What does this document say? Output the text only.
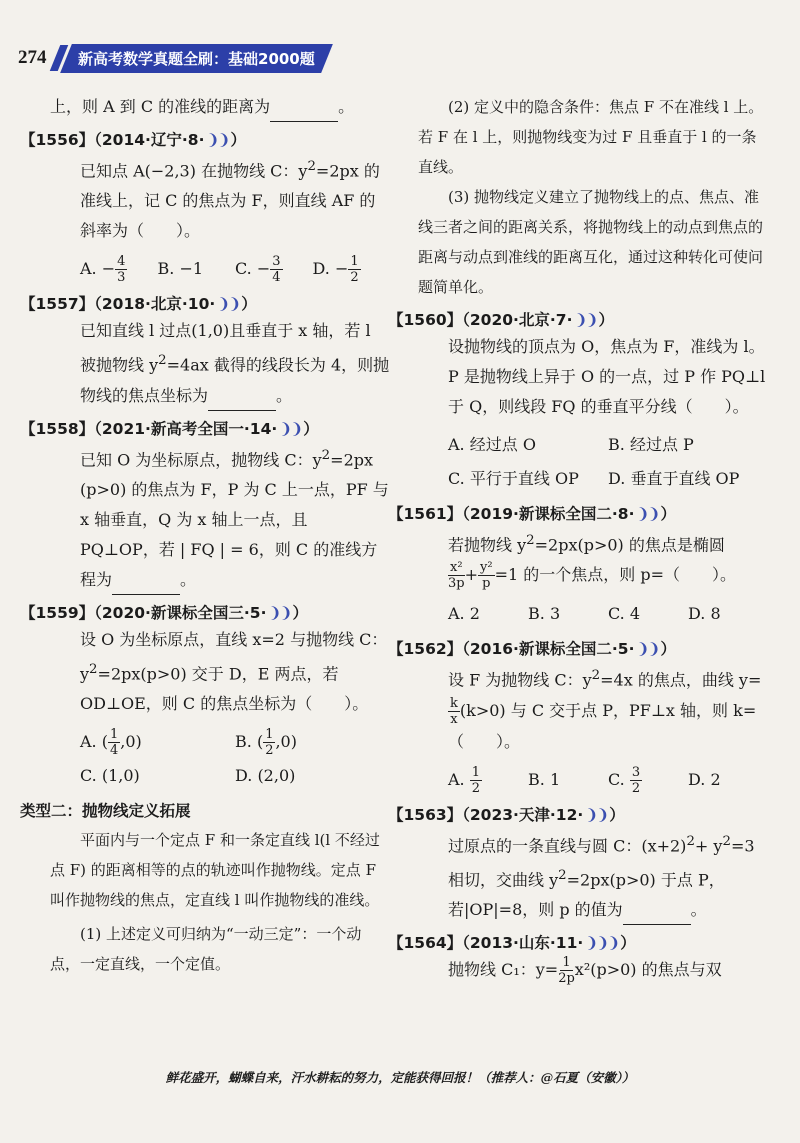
274	新高考数学真题全刷：基础2000题

上，则 A 到 C 的准线的距离为	。

【1556】（2014·辽宁·8· ❩❩ ）

已知点 A(−2,3) 在抛物线 C：$y^2=2px$ 的准线上，记 C 的焦点为 F，则直线 AF 的斜率为（　　）。

A. − $\frac{4}{3} B$. −1	C. − $\frac{3}{4} D$. − $\frac{1}{2}$
【1557】（2018·北京·10· ❩❩ ）

已知直线 l 过点(1,0)且垂直于 x 轴，若 l 被抛物线 $y^2=4ax$ 截得的线段长为 4，则抛物线的焦点坐标为	。

【1558】（2021·新高考全国一·14· ❩❩ ）

已知 O 为坐标原点，抛物线 C：$y^2=2px$ (p>0) 的焦点为 F，P 为 C 上一点，PF 与 x 轴垂直，Q 为 x 轴上一点，且 PQ⊥OP，若 | FQ | = 6，则 C 的准线方程为	。

【1559】（2020·新课标全国三·5· ❩❩ ）

设 O 为坐标原点，直线 x=2 与抛物线 C：$y^2=2px(p>0)$ 交于 D，E 两点，若 OD⊥OE，则 C 的焦点坐标为（　　）。

A. ( $\frac{1}{4} ,0$)	B. ( $\frac{1}{2} ,0$)
C. (1,0)	D. (2,0)
类型二：抛物线定义拓展

平面内与一个定点 F 和一条定直线 l(l 不经过点 F) 的距离相等的点的轨迹叫作抛物线。定点 F 叫作抛物线的焦点，定直线 l 叫作抛物线的准线。

(1) 上述定义可归纳为“一动三定”：一个动点，一定直线，一个定值。

(2) 定义中的隐含条件：焦点 F 不在准线 l 上。若 F 在 l 上，则抛物线变为过 F 且垂直于 l 的一条直线。

(3) 抛物线定义建立了抛物线上的点、焦点、准线三者之间的距离关系，将抛物线上的动点到焦点的距离与动点到准线的距离互化，通过这种转化可使问题简单化。

【1560】（2020·北京·7· ❩❩ ）

设抛物线的顶点为 O，焦点为 F，准线为 l。P 是抛物线上异于 O 的一点，过 P 作 PQ⊥l 于 Q，则线段 FQ 的垂直平分线（　　）。

A. 经过点 O	B. 经过点 P
C. 平行于直线 OP	D. 垂直于直线 OP
【1561】（2019·新课标全国二·8· ❩❩ ）

若抛物线 $y^2=2px(p>0)$ 的焦点是椭圆

$\frac{\text{x²}}{3p} + \frac{\text{y²}}{p} =1$ 的一个焦点，则 p=（　　）。

A. 2	B. 3	C. 4	D. 8
【1562】（2016·新课标全国二·5· ❩❩ ）

设 F 为抛物线 C：$y^2=4x$ 的焦点，曲线 y=
$\frac{k}{x} (k>0)$ 与 C 交于点 P，PF⊥x 轴，则 k=（　　）。

A. $\frac{1}{2}$	B. 1	C. $\frac{3}{2}$	D. 2
【1563】（2023·天津·12· ❩❩ ）

过原点的一条直线与圆 C：$(x+2)^2+ y^2=3$ 相切，交曲线 $y^2=2px(p>0)$ 于点 P，若|OP|=8，则 p 的值为	。

【1564】（2013·山东·11· ❩❩❩ ）

抛物线 C₁：$y= \frac{1}{2p} x^2(p>0)$ 的焦点与双

鲜花盛开，蝴蝶自来，汗水耕耘的努力，定能获得回报！（推荐人：@石夏（安徽））
